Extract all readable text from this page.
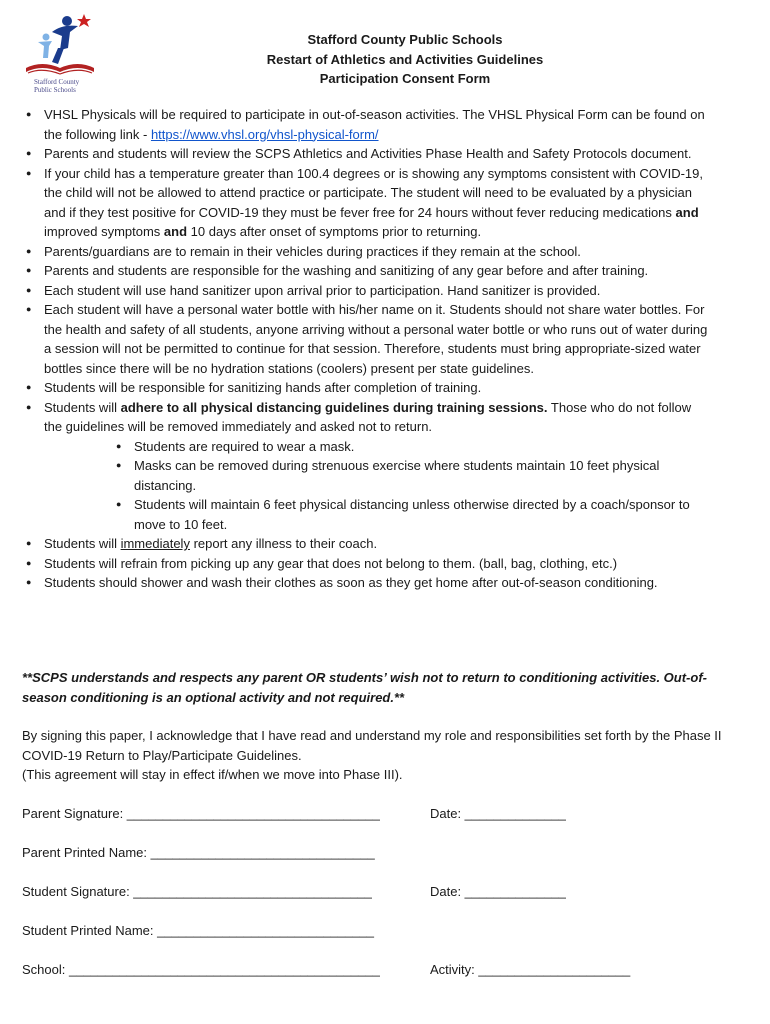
Stafford County
Public Schools
Stafford County Public Schools
Restart of Athletics and Activities Guidelines
Participation Consent Form
● VHSL Physicals will be required to participate in out-of-season activities. The VHSL Physical Form can be found on the following link - https://www.vhsl.org/vhsl-physical-form/
● Parents and students will review the SCPS Athletics and Activities Phase Health and Safety Protocols document.
● If your child has a temperature greater than 100.4 degrees or is showing any symptoms consistent with COVID-19, the child will not be allowed to attend practice or participate. The student will need to be evaluated by a physician and if they test positive for COVID-19 they must be fever free for 24 hours without fever reducing medications and improved symptoms and 10 days after onset of symptoms prior to returning.
● Parents/guardians are to remain in their vehicles during practices if they remain at the school.
● Parents and students are responsible for the washing and sanitizing of any gear before and after training.
● Each student will use hand sanitizer upon arrival prior to participation. Hand sanitizer is provided.
● Each student will have a personal water bottle with his/her name on it. Students should not share water bottles. For the health and safety of all students, anyone arriving without a personal water bottle or who runs out of water during a session will not be permitted to continue for that session. Therefore, students must bring appropriate-sized water bottles since there will be no hydration stations (coolers) present per state guidelines.
● Students will be responsible for sanitizing hands after completion of training.
● Students will adhere to all physical distancing guidelines during training sessions. Those who do not follow the guidelines will be removed immediately and asked not to return.
● Students are required to wear a mask.
● Masks can be removed during strenuous exercise where students maintain 10 feet physical distancing.
● Students will maintain 6 feet physical distancing unless otherwise directed by a coach/sponsor to move to 10 feet.
● Students will immediately report any illness to their coach.
● Students will refrain from picking up any gear that does not belong to them. (ball, bag, clothing, etc.)
● Students should shower and wash their clothes as soon as they get home after out-of-season conditioning.
**SCPS understands and respects any parent OR students’ wish not to return to conditioning activities. Out-of-season conditioning is an optional activity and not required.**
By signing this paper, I acknowledge that I have read and understand my role and responsibilities set forth by the Phase II COVID-19 Return to Play/Participate Guidelines.
(This agreement will stay in effect if/when we move into Phase III).
Parent Signature: ___________________________________	Date: ______________
Parent Printed Name: _______________________________
Student Signature: _________________________________	Date: ______________
Student Printed Name: ______________________________
School: ___________________________________________	Activity: _____________________
